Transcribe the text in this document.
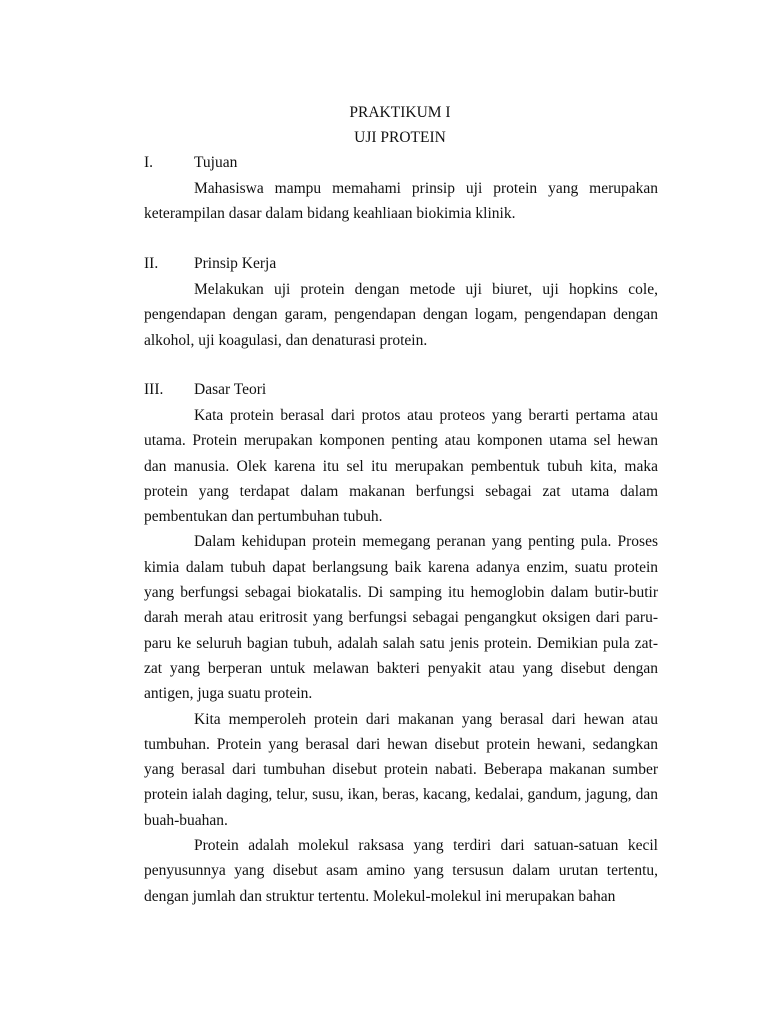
PRAKTIKUM I
UJI PROTEIN
I.	Tujuan

Mahasiswa mampu memahami prinsip uji protein yang merupakan keterampilan dasar dalam bidang keahliaan biokimia klinik.

II. Prinsip Kerja

Melakukan uji protein dengan metode uji biuret, uji hopkins cole, pengendapan dengan garam, pengendapan dengan logam, pengendapan dengan alkohol, uji koagulasi, dan denaturasi protein.

III. Dasar Teori

Kata protein berasal dari protos atau proteos yang berarti pertama atau utama. Protein merupakan komponen penting atau komponen utama sel hewan dan manusia. Olek karena itu sel itu merupakan pembentuk tubuh kita, maka protein yang terdapat dalam makanan berfungsi sebagai zat utama dalam pembentukan dan pertumbuhan tubuh.

Dalam kehidupan protein memegang peranan yang penting pula. Proses kimia dalam tubuh dapat berlangsung baik karena adanya enzim, suatu protein yang berfungsi sebagai biokatalis. Di samping itu hemoglobin dalam butir-butir darah merah atau eritrosit yang berfungsi sebagai pengangkut oksigen dari paru-paru ke seluruh bagian tubuh, adalah salah satu jenis protein. Demikian pula zat-zat yang berperan untuk melawan bakteri penyakit atau yang disebut dengan antigen, juga suatu protein.

Kita memperoleh protein dari makanan yang berasal dari hewan atau tumbuhan. Protein yang berasal dari hewan disebut protein hewani, sedangkan yang berasal dari tumbuhan disebut protein nabati. Beberapa makanan sumber protein ialah daging, telur, susu, ikan, beras, kacang, kedalai, gandum, jagung, dan buah-buahan.

Protein adalah molekul raksasa yang terdiri dari satuan-satuan kecil penyusunnya yang disebut asam amino yang tersusun dalam urutan tertentu, dengan jumlah dan struktur tertentu. Molekul-molekul ini merupakan bahan
